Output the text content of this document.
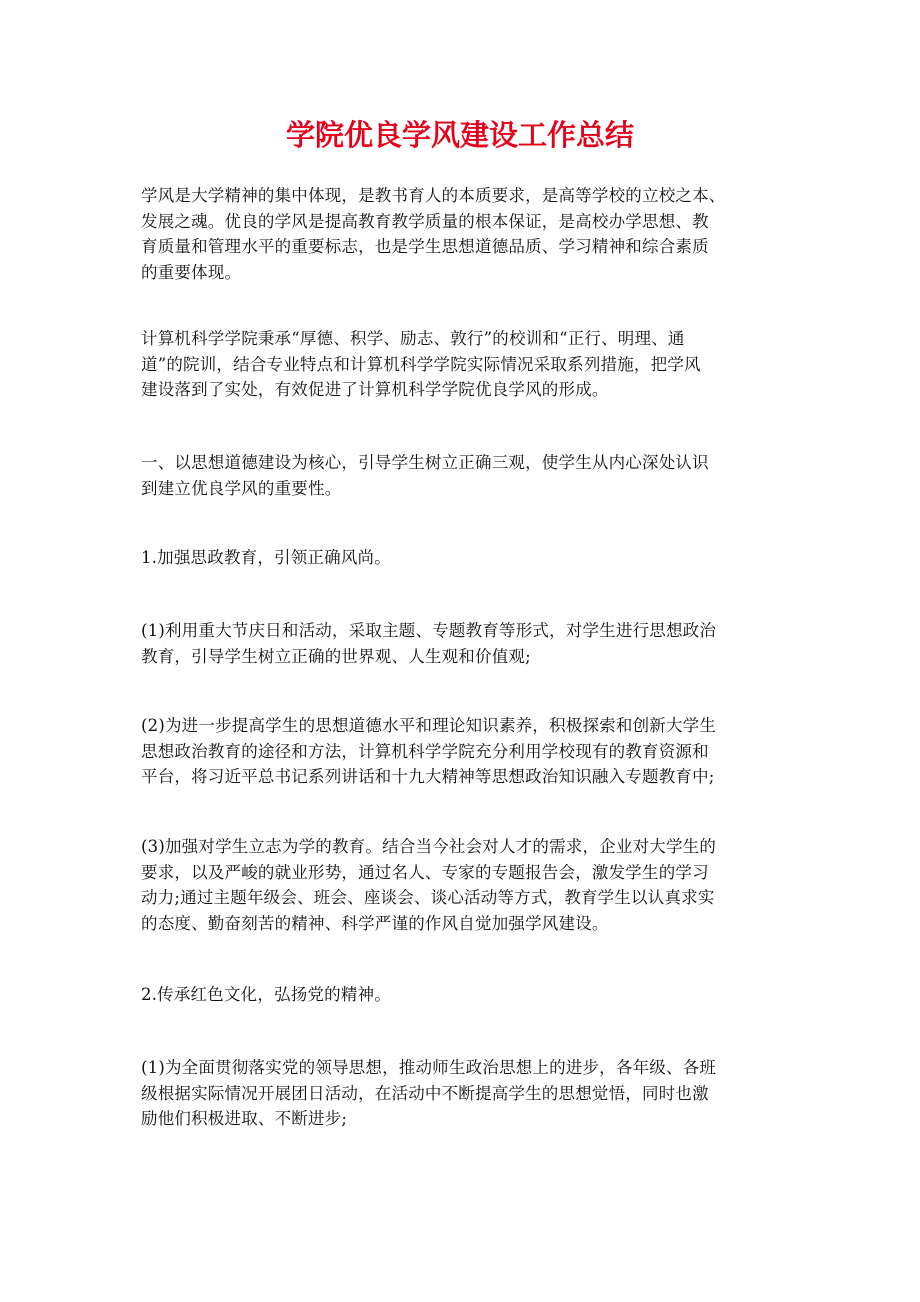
学院优良学风建设工作总结

学风是大学精神的集中体现，是教书育人的本质要求，是高等学校的立校之本、
发展之魂。优良的学风是提高教育教学质量的根本保证，是高校办学思想、教
育质量和管理水平的重要标志，也是学生思想道德品质、学习精神和综合素质
的重要体现。

计算机科学学院秉承“厚德、积学、励志、敦行”的校训和“正行、明理、通
道”的院训，结合专业特点和计算机科学学院实际情况采取系列措施，把学风
建设落到了实处，有效促进了计算机科学学院优良学风的形成。

一、以思想道德建设为核心，引导学生树立正确三观，使学生从内心深处认识
到建立优良学风的重要性。

1.加强思政教育，引领正确风尚。

(1)利用重大节庆日和活动，采取主题、专题教育等形式，对学生进行思想政治
教育，引导学生树立正确的世界观、人生观和价值观;

(2)为进一步提高学生的思想道德水平和理论知识素养，积极探索和创新大学生
思想政治教育的途径和方法，计算机科学学院充分利用学校现有的教育资源和
平台，将习近平总书记系列讲话和十九大精神等思想政治知识融入专题教育中;

(3)加强对学生立志为学的教育。结合当今社会对人才的需求，企业对大学生的
要求，以及严峻的就业形势，通过名人、专家的专题报告会，激发学生的学习
动力;通过主题年级会、班会、座谈会、谈心活动等方式，教育学生以认真求实
的态度、勤奋刻苦的精神、科学严谨的作风自觉加强学风建设。

2.传承红色文化，弘扬党的精神。

(1)为全面贯彻落实党的领导思想，推动师生政治思想上的进步，各年级、各班
级根据实际情况开展团日活动，在活动中不断提高学生的思想觉悟，同时也激
励他们积极进取、不断进步;
